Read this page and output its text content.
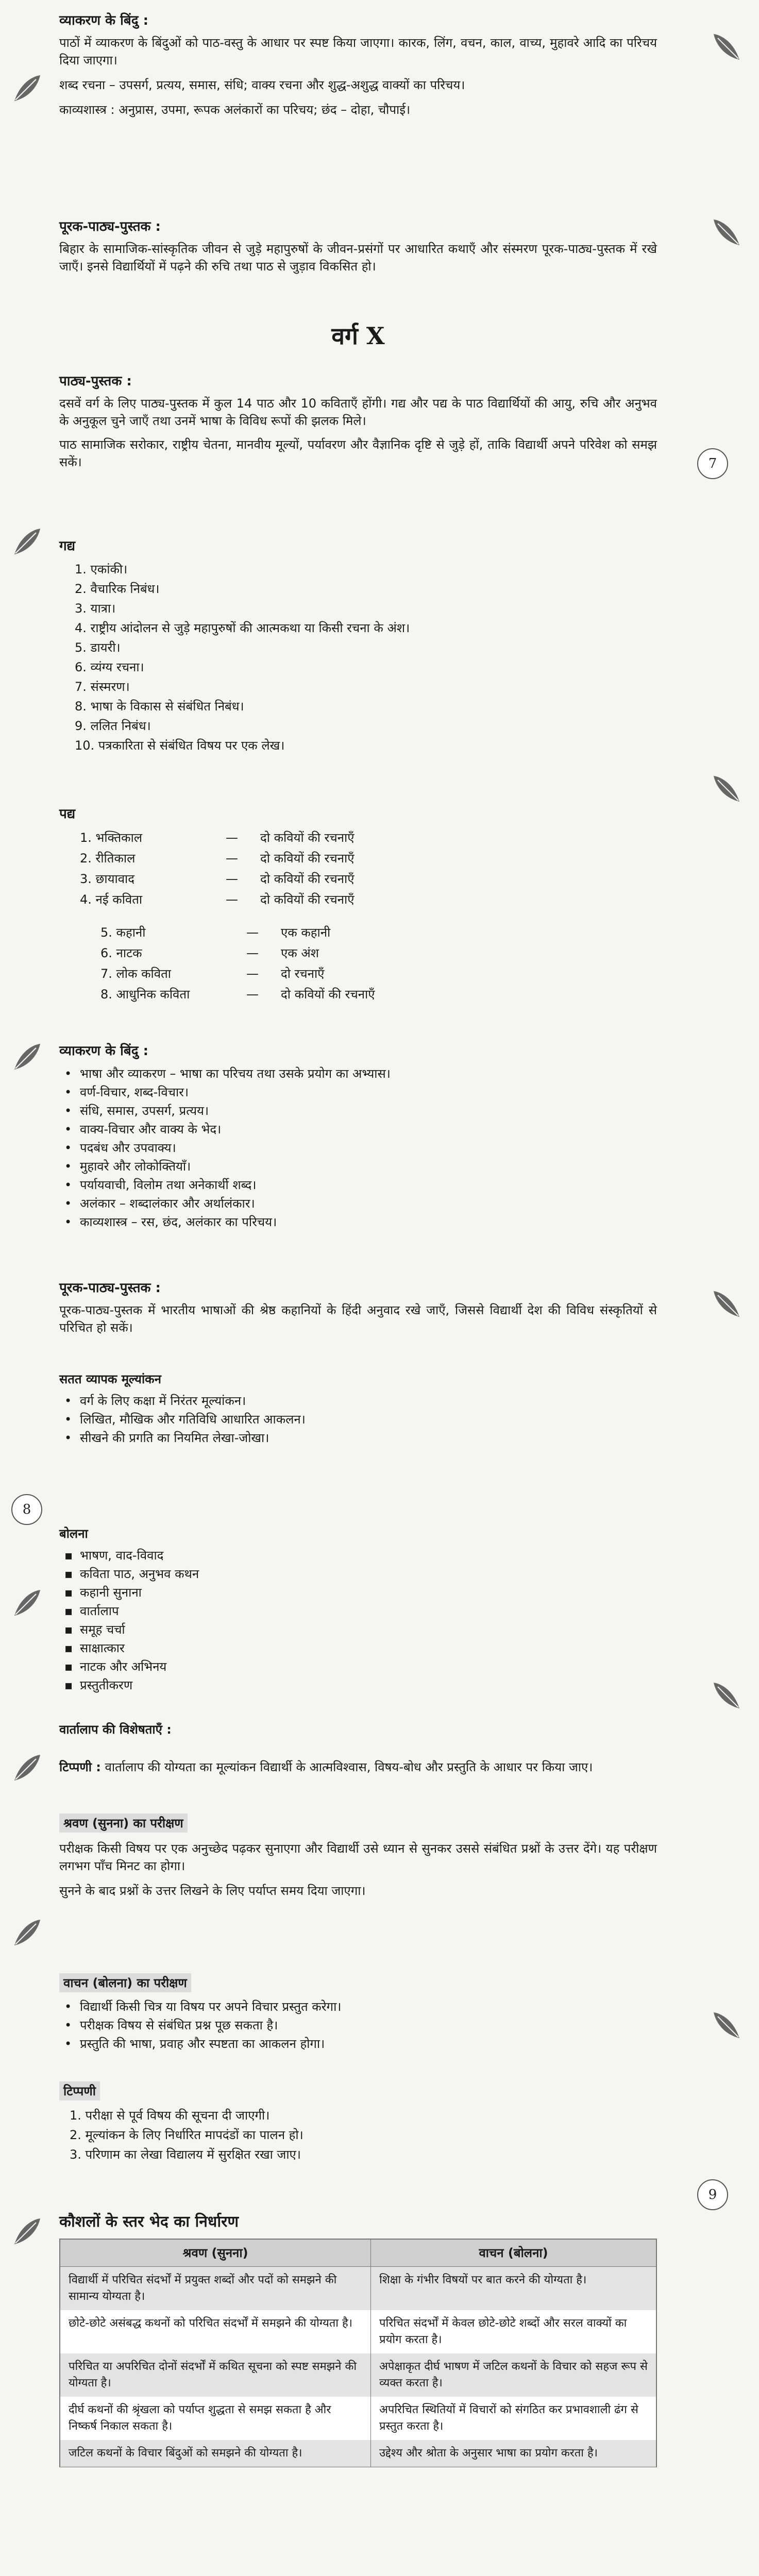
8
7
9

व्याकरण के बिंदु :

पाठों में व्याकरण के बिंदुओं को पाठ-वस्तु के आधार पर स्पष्ट किया जाएगा। कारक, लिंग, वचन, काल, वाच्य, मुहावरे आदि का परिचय दिया जाएगा।
शब्द रचना – उपसर्ग, प्रत्यय, समास, संधि; वाक्य रचना और शुद्ध-अशुद्ध वाक्यों का परिचय।
काव्यशास्त्र : अनुप्रास, उपमा, रूपक अलंकारों का परिचय; छंद – दोहा, चौपाई।

पूरक-पाठ्य-पुस्तक :

बिहार के सामाजिक-सांस्कृतिक जीवन से जुड़े महापुरुषों के जीवन-प्रसंगों पर आधारित कथाएँ और संस्मरण पूरक-पाठ्य-पुस्तक में रखे जाएँ। इनसे विद्यार्थियों में पढ़ने की रुचि तथा पाठ से जुड़ाव विकसित हो।
वर्ग X

पाठ्य-पुस्तक :

दसवें वर्ग के लिए पाठ्य-पुस्तक में कुल 14 पाठ और 10 कविताएँ होंगी। गद्य और पद्य के पाठ विद्यार्थियों की आयु, रुचि और अनुभव के अनुकूल चुने जाएँ तथा उनमें भाषा के विविध रूपों की झलक मिले।
पाठ सामाजिक सरोकार, राष्ट्रीय चेतना, मानवीय मूल्यों, पर्यावरण और वैज्ञानिक दृष्टि से जुड़े हों, ताकि विद्यार्थी अपने परिवेश को समझ सकें।

गद्य

1. एकांकी।
2. वैचारिक निबंध।
3. यात्रा।
4. राष्ट्रीय आंदोलन से जुड़े महापुरुषों की आत्मकथा या किसी रचना के अंश।
5. डायरी।
6. व्यंग्य रचना।
7. संस्मरण।
8. भाषा के विकास से संबंधित निबंध।
9. ललित निबंध।
10. पत्रकारिता से संबंधित विषय पर एक लेख।

पद्य

1. भक्तिकाल	—	दो कवियों की रचनाएँ
2. रीतिकाल	—	दो कवियों की रचनाएँ
3. छायावाद	—	दो कवियों की रचनाएँ
4. नई कविता	—	दो कवियों की रचनाएँ
5. कहानी	—	एक कहानी
6. नाटक	—	एक अंश
7. लोक कविता	—	दो रचनाएँ
8. आधुनिक कविता	—	दो कवियों की रचनाएँ

व्याकरण के बिंदु :

• भाषा और व्याकरण – भाषा का परिचय तथा उसके प्रयोग का अभ्यास।
• वर्ण-विचार, शब्द-विचार।
• संधि, समास, उपसर्ग, प्रत्यय।
• वाक्य-विचार और वाक्य के भेद।
• पदबंध और उपवाक्य।
• मुहावरे और लोकोक्तियाँ।
• पर्यायवाची, विलोम तथा अनेकार्थी शब्द।
• अलंकार – शब्दालंकार और अर्थालंकार।
• काव्यशास्त्र – रस, छंद, अलंकार का परिचय।

पूरक-पाठ्य-पुस्तक :

पूरक-पाठ्य-पुस्तक में भारतीय भाषाओं की श्रेष्ठ कहानियों के हिंदी अनुवाद रखे जाएँ, जिससे विद्यार्थी देश की विविध संस्कृतियों से परिचित हो सकें।

सतत व्यापक मूल्यांकन

• वर्ग के लिए कक्षा में निरंतर मूल्यांकन।
• लिखित, मौखिक और गतिविधि आधारित आकलन।
• सीखने की प्रगति का नियमित लेखा-जोखा।

बोलना

▪ भाषण, वाद-विवाद
▪ कविता पाठ, अनुभव कथन
▪ कहानी सुनाना
▪ वार्तालाप
▪ समूह चर्चा
▪ साक्षात्कार
▪ नाटक और अभिनय
▪ प्रस्तुतीकरण

वार्तालाप की विशेषताएँ :

टिप्पणी : वार्तालाप की योग्यता का मूल्यांकन विद्यार्थी के आत्मविश्वास, विषय-बोध और प्रस्तुति के आधार पर किया जाए।
श्रवण (सुनना) का परीक्षण
परीक्षक किसी विषय पर एक अनुच्छेद पढ़कर सुनाएगा और विद्यार्थी उसे ध्यान से सुनकर उससे संबंधित प्रश्नों के उत्तर देंगे। यह परीक्षण लगभग पाँच मिनट का होगा।
सुनने के बाद प्रश्नों के उत्तर लिखने के लिए पर्याप्त समय दिया जाएगा।
वाचन (बोलना) का परीक्षण
• विद्यार्थी किसी चित्र या विषय पर अपने विचार प्रस्तुत करेगा।
• परीक्षक विषय से संबंधित प्रश्न पूछ सकता है।
• प्रस्तुति की भाषा, प्रवाह और स्पष्टता का आकलन होगा।
टिप्पणी
1. परीक्षा से पूर्व विषय की सूचना दी जाएगी।
2. मूल्यांकन के लिए निर्धारित मापदंडों का पालन हो।
3. परिणाम का लेखा विद्यालय में सुरक्षित रखा जाए।

कौशलों के स्तर भेद का निर्धारण

श्रवण (सुनना)	वाचन (बोलना)
विद्यार्थी में परिचित संदर्भों में प्रयुक्त शब्दों और पदों को समझने की सामान्य योग्यता है।	शिक्षा के गंभीर विषयों पर बात करने की योग्यता है।
छोटे-छोटे असंबद्ध कथनों को परिचित संदर्भों में समझने की योग्यता है।	परिचित संदर्भों में केवल छोटे-छोटे शब्दों और सरल वाक्यों का प्रयोग करता है।
परिचित या अपरिचित दोनों संदर्भों में कथित सूचना को स्पष्ट समझने की योग्यता है।	अपेक्षाकृत दीर्घ भाषण में जटिल कथनों के विचार को सहज रूप से व्यक्त करता है।
दीर्घ कथनों की श्रृंखला को पर्याप्त शुद्धता से समझ सकता है और निष्कर्ष निकाल सकता है।	अपरिचित स्थितियों में विचारों को संगठित कर प्रभावशाली ढंग से प्रस्तुत करता है।
जटिल कथनों के विचार बिंदुओं को समझने की योग्यता है।	उद्देश्य और श्रोता के अनुसार भाषा का प्रयोग करता है।
